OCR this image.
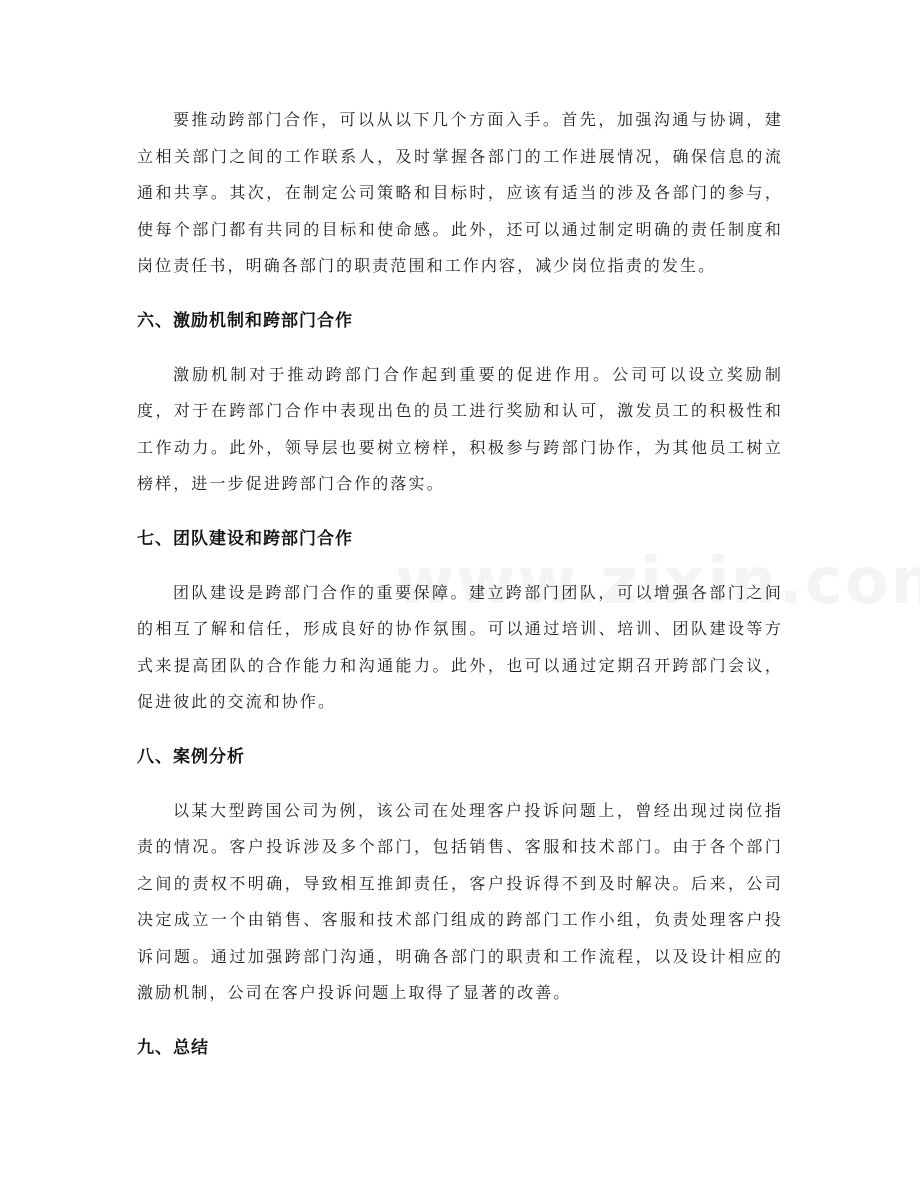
要推动跨部门合作，可以从以下几个方面入手。首先，加强沟通与协调，建立相关部门之间的工作联系人，及时掌握各部门的工作进展情况，确保信息的流通和共享。其次，在制定公司策略和目标时，应该有适当的涉及各部门的参与，使每个部门都有共同的目标和使命感。此外，还可以通过制定明确的责任制度和岗位责任书，明确各部门的职责范围和工作内容，减少岗位指责的发生。

六、激励机制和跨部门合作

激励机制对于推动跨部门合作起到重要的促进作用。公司可以设立奖励制度，对于在跨部门合作中表现出色的员工进行奖励和认可，激发员工的积极性和工作动力。此外，领导层也要树立榜样，积极参与跨部门协作，为其他员工树立榜样，进一步促进跨部门合作的落实。

七、团队建设和跨部门合作

团队建设是跨部门合作的重要保障。建立跨部门团队，可以增强各部门之间的相互了解和信任，形成良好的协作氛围。可以通过培训、培训、团队建设等方式来提高团队的合作能力和沟通能力。此外，也可以通过定期召开跨部门会议，促进彼此的交流和协作。

八、案例分析

以某大型跨国公司为例，该公司在处理客户投诉问题上，曾经出现过岗位指责的情况。客户投诉涉及多个部门，包括销售、客服和技术部门。由于各个部门之间的责权不明确，导致相互推卸责任，客户投诉得不到及时解决。后来，公司决定成立一个由销售、客服和技术部门组成的跨部门工作小组，负责处理客户投诉问题。通过加强跨部门沟通，明确各部门的职责和工作流程，以及设计相应的激励机制，公司在客户投诉问题上取得了显著的改善。

九、总结
